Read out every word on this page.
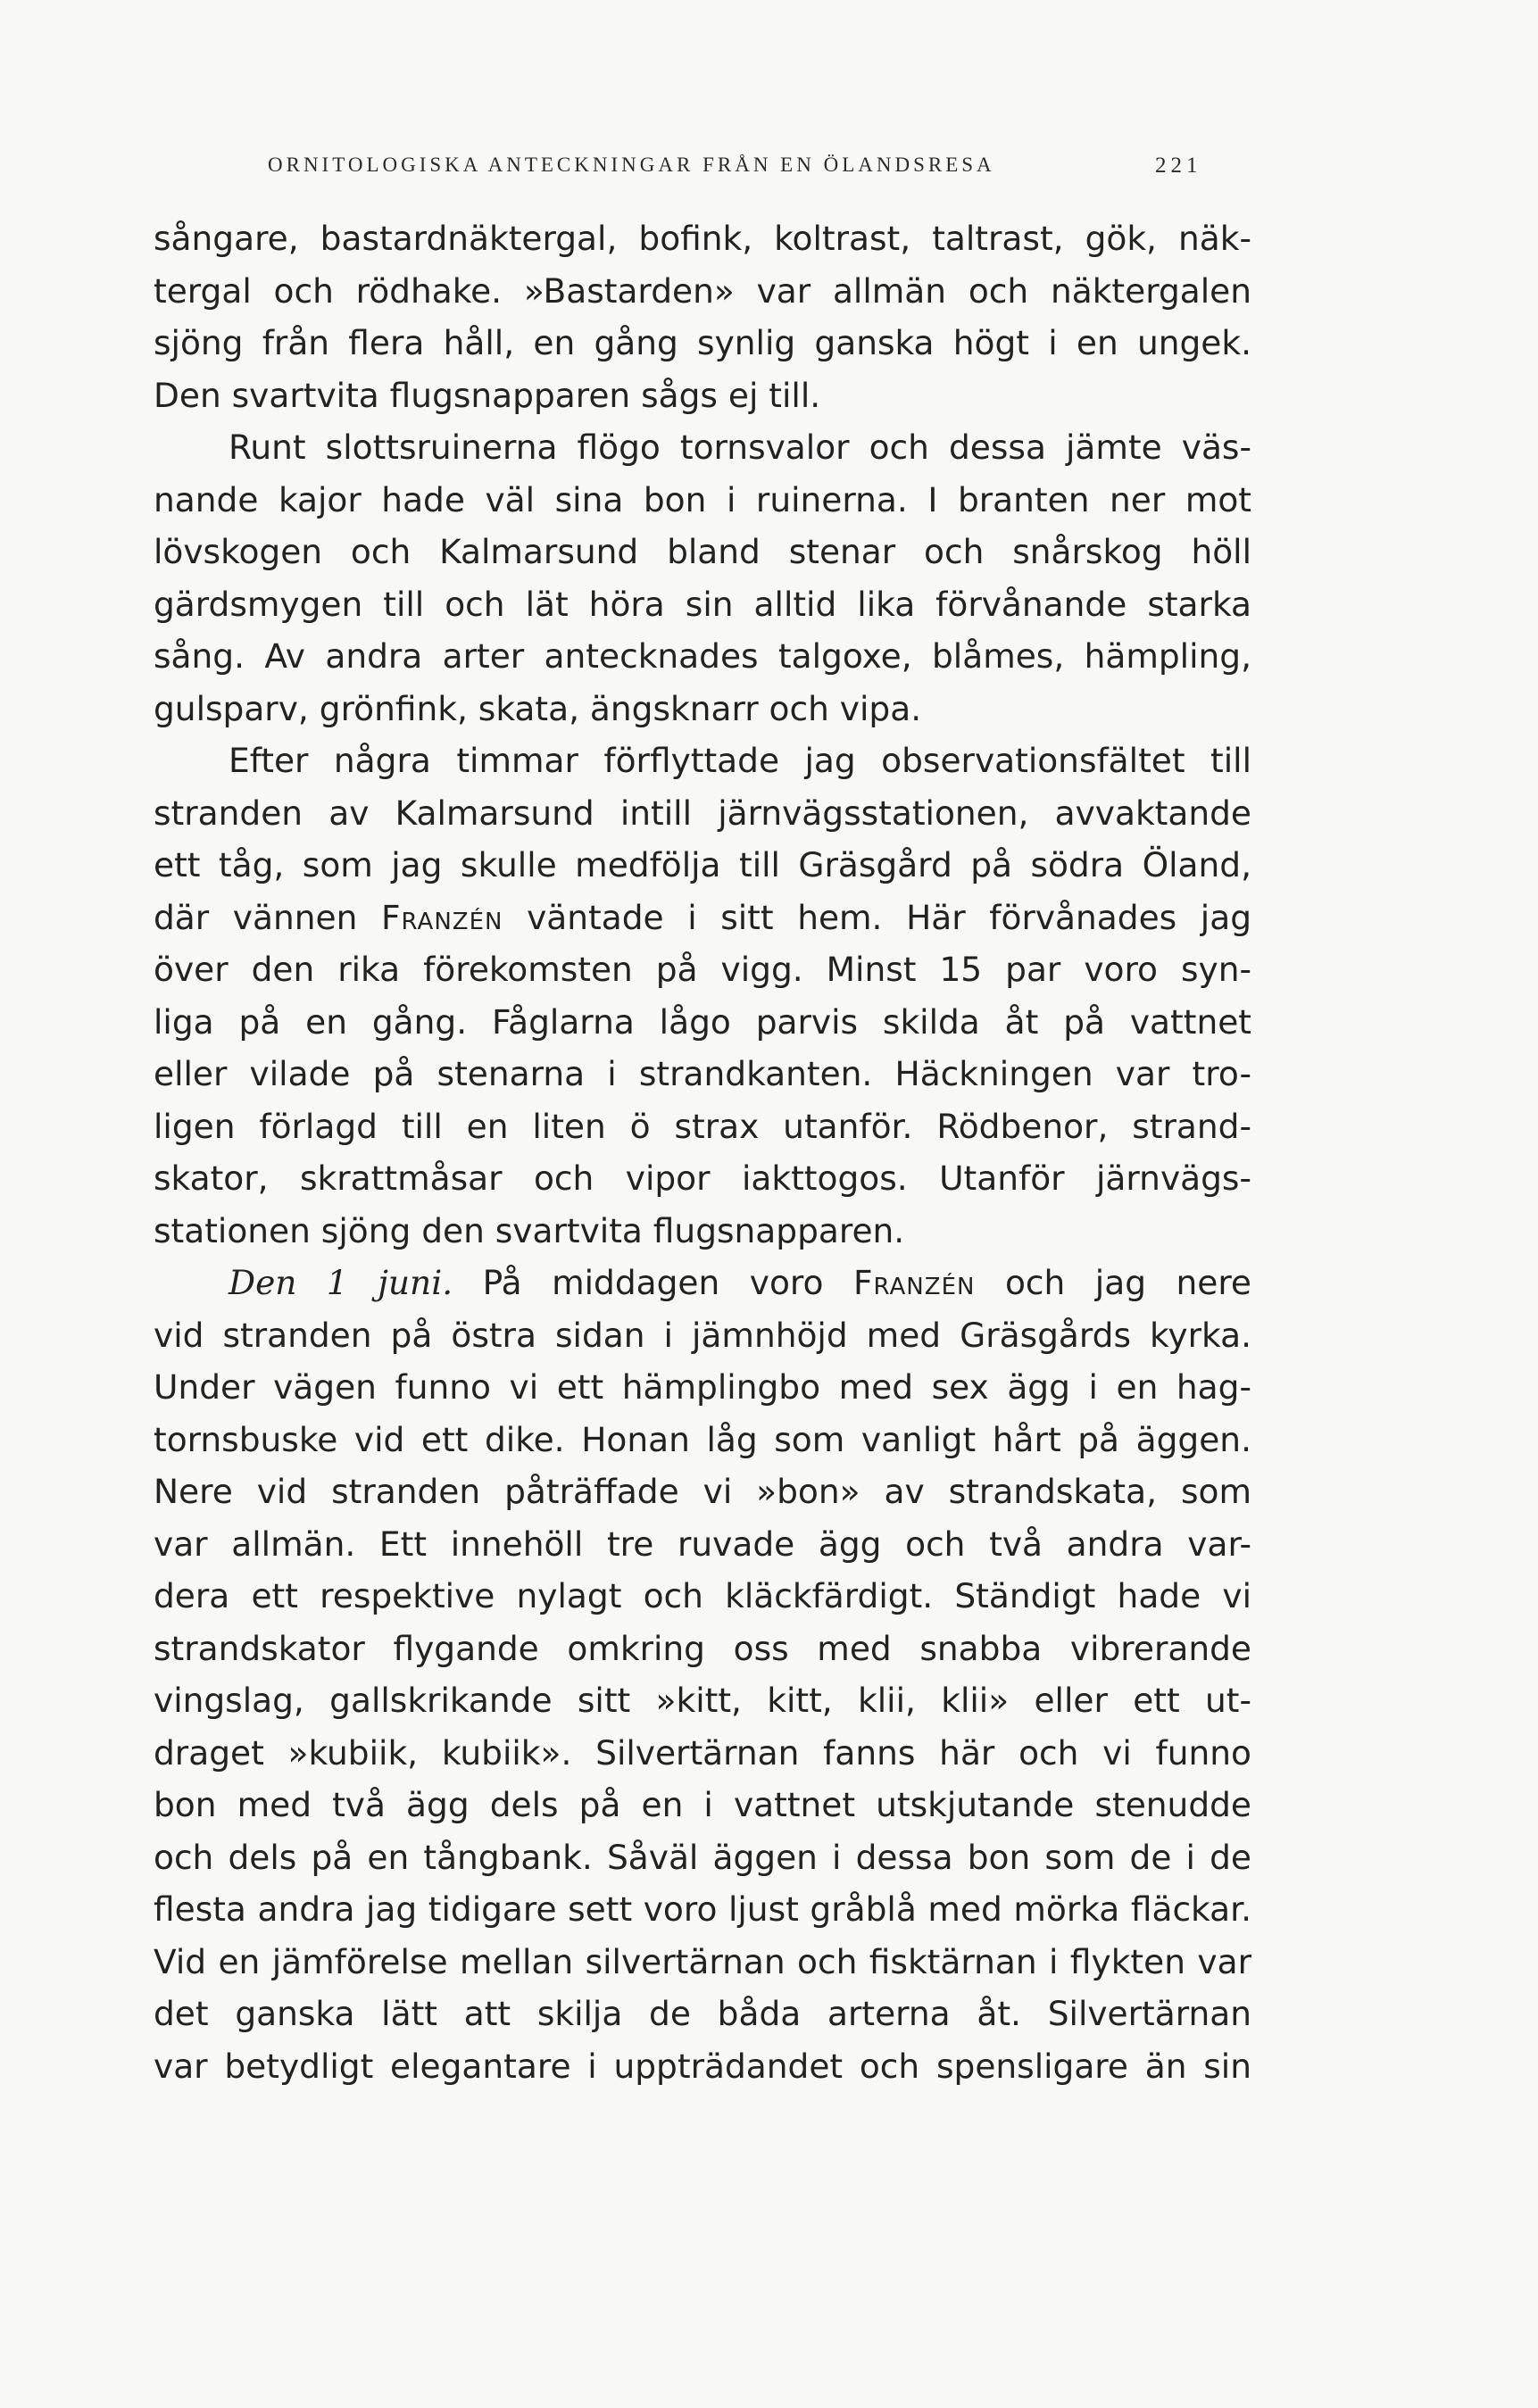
ORNITOLOGISKA ANTECKNINGAR FRÅN EN ÖLANDSRESA	221
sångare, bastardnäktergal, bofink, koltrast, taltrast, gök, näk-
tergal och rödhake. »Bastarden» var allmän och näktergalen
sjöng från flera håll, en gång synlig ganska högt i en ungek.
Den svartvita flugsnapparen sågs ej till.
Runt slottsruinerna flögo tornsvalor och dessa jämte väs-
nande kajor hade väl sina bon i ruinerna. I branten ner mot
lövskogen och Kalmarsund bland stenar och snårskog höll
gärdsmygen till och lät höra sin alltid lika förvånande starka
sång. Av andra arter antecknades talgoxe, blåmes, hämpling,
gulsparv, grönfink, skata, ängsknarr och vipa.
Efter några timmar förflyttade jag observationsfältet till
stranden av Kalmarsund intill järnvägsstationen, avvaktande
ett tåg, som jag skulle medfölja till Gräsgård på södra Öland,
där vännen Franzén väntade i sitt hem. Här förvånades jag
över den rika förekomsten på vigg. Minst 15 par voro syn-
liga på en gång. Fåglarna lågo parvis skilda åt på vattnet
eller vilade på stenarna i strandkanten. Häckningen var tro-
ligen förlagd till en liten ö strax utanför. Rödbenor, strand-
skator, skrattmåsar och vipor iakttogos. Utanför järnvägs-
stationen sjöng den svartvita flugsnapparen.
Den 1 juni. På middagen voro Franzén och jag nere
vid stranden på östra sidan i jämnhöjd med Gräsgårds kyrka.
Under vägen funno vi ett hämplingbo med sex ägg i en hag-
tornsbuske vid ett dike. Honan låg som vanligt hårt på äggen.
Nere vid stranden påträffade vi »bon» av strandskata, som
var allmän. Ett innehöll tre ruvade ägg och två andra var-
dera ett respektive nylagt och kläckfärdigt. Ständigt hade vi
strandskator flygande omkring oss med snabba vibrerande
vingslag, gallskrikande sitt »kitt, kitt, klii, klii» eller ett ut-
draget »kubiik, kubiik». Silvertärnan fanns här och vi funno
bon med två ägg dels på en i vattnet utskjutande stenudde
och dels på en tångbank. Såväl äggen i dessa bon som de i de
flesta andra jag tidigare sett voro ljust gråblå med mörka fläckar.
Vid en jämförelse mellan silvertärnan och fisktärnan i flykten var
det ganska lätt att skilja de båda arterna åt. Silvertärnan
var betydligt elegantare i uppträdandet och spensligare än sin
